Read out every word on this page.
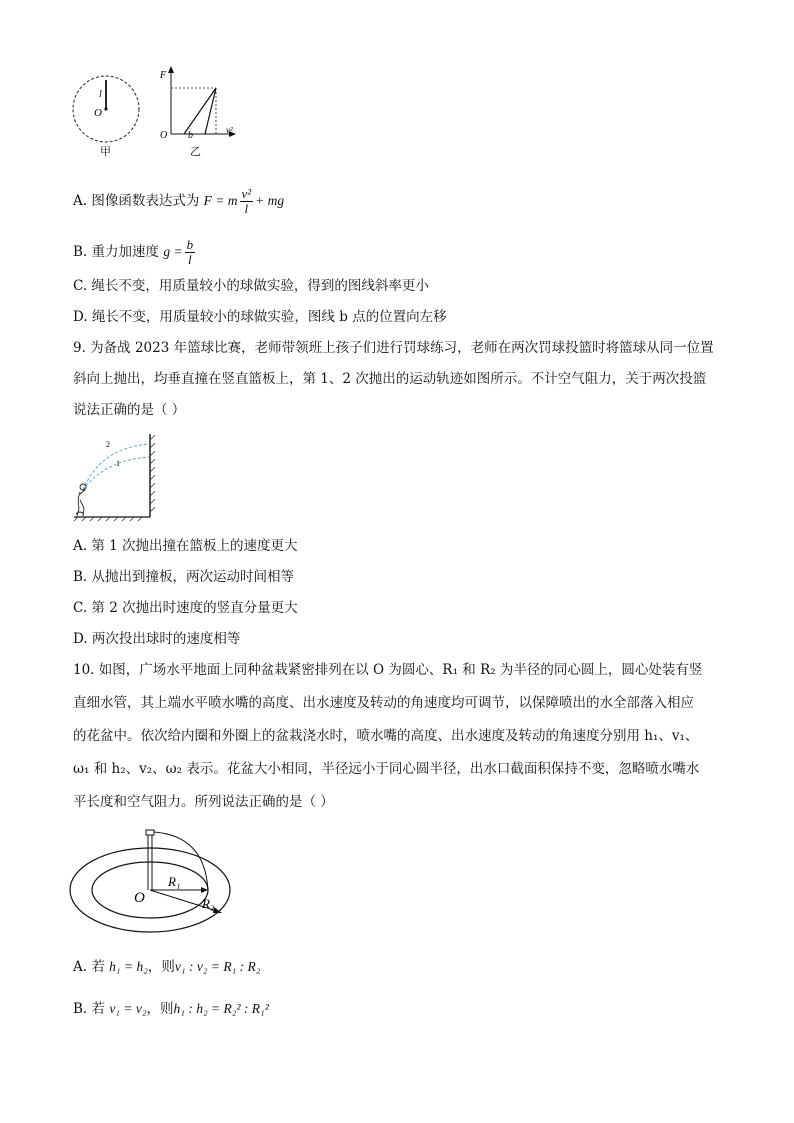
l
O
F
O b	v²
甲	乙
A. 图像函数表达式为 F = m $\frac{\text{v²}}{l}$ + mg
B. 重力加速度 $g = \frac{b}{l}$
C. 绳长不变，用质量较小的球做实验，得到的图线斜率更小
D. 绳长不变，用质量较小的球做实验，图线 b 点的位置向左移
9. 为备战 2023 年篮球比赛，老师带领班上孩子们进行罚球练习，老师在两次罚球投篮时将篮球从同一位置
斜向上抛出，均垂直撞在竖直篮板上，第 1、2 次抛出的运动轨迹如图所示。不计空气阻力，关于两次投篮
说法正确的是（ ）
2
1
A. 第 1 次抛出撞在篮板上的速度更大
B. 从抛出到撞板，两次运动时间相等
C. 第 2 次抛出时速度的竖直分量更大
D. 两次投出球时的速度相等
10. 如图，广场水平地面上同种盆栽紧密排列在以 O 为圆心、R₁ 和 R₂ 为半径的同心圆上，圆心处装有竖
直细水管，其上端水平喷水嘴的高度、出水速度及转动的角速度均可调节，以保障喷出的水全部落入相应
的花盆中。依次给内圈和外圈上的盆栽浇水时，喷水嘴的高度、出水速度及转动的角速度分别用 h₁、v₁、
ω₁ 和 h₂、v₂、ω₂ 表示。花盆大小相同，半径远小于同心圆半径，出水口截面积保持不变，忽略喷水嘴水
平长度和空气阻力。所列说法正确的是（ ）
O
R₁
R₂
A. 若 h₁ = h₂，则v₁ : v₂ = R₁ : R₂
B. 若 v₁ = v₂，则h₁ : h₂ = R₂² : R₁²
